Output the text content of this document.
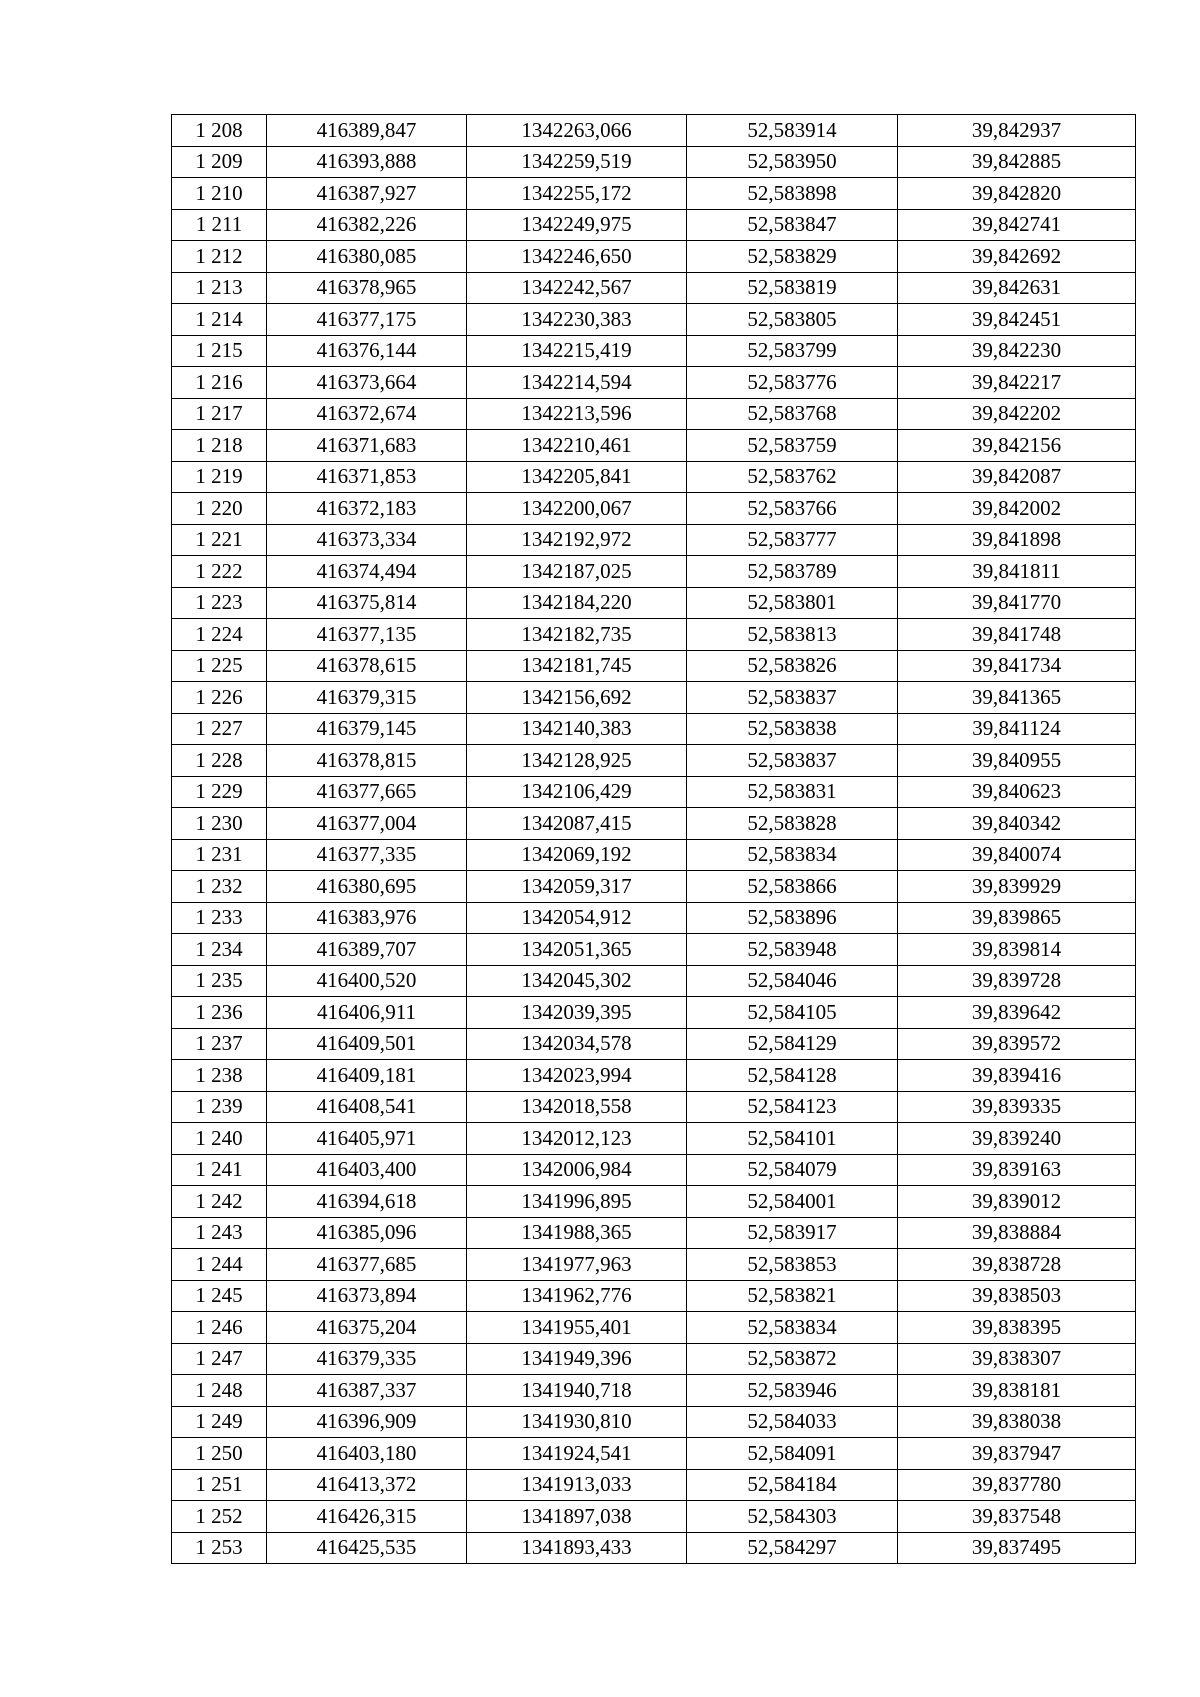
1 208	416389,847	1342263,066	52,583914	39,842937
1 209	416393,888	1342259,519	52,583950	39,842885
1 210	416387,927	1342255,172	52,583898	39,842820
1 211	416382,226	1342249,975	52,583847	39,842741
1 212	416380,085	1342246,650	52,583829	39,842692
1 213	416378,965	1342242,567	52,583819	39,842631
1 214	416377,175	1342230,383	52,583805	39,842451
1 215	416376,144	1342215,419	52,583799	39,842230
1 216	416373,664	1342214,594	52,583776	39,842217
1 217	416372,674	1342213,596	52,583768	39,842202
1 218	416371,683	1342210,461	52,583759	39,842156
1 219	416371,853	1342205,841	52,583762	39,842087
1 220	416372,183	1342200,067	52,583766	39,842002
1 221	416373,334	1342192,972	52,583777	39,841898
1 222	416374,494	1342187,025	52,583789	39,841811
1 223	416375,814	1342184,220	52,583801	39,841770
1 224	416377,135	1342182,735	52,583813	39,841748
1 225	416378,615	1342181,745	52,583826	39,841734
1 226	416379,315	1342156,692	52,583837	39,841365
1 227	416379,145	1342140,383	52,583838	39,841124
1 228	416378,815	1342128,925	52,583837	39,840955
1 229	416377,665	1342106,429	52,583831	39,840623
1 230	416377,004	1342087,415	52,583828	39,840342
1 231	416377,335	1342069,192	52,583834	39,840074
1 232	416380,695	1342059,317	52,583866	39,839929
1 233	416383,976	1342054,912	52,583896	39,839865
1 234	416389,707	1342051,365	52,583948	39,839814
1 235	416400,520	1342045,302	52,584046	39,839728
1 236	416406,911	1342039,395	52,584105	39,839642
1 237	416409,501	1342034,578	52,584129	39,839572
1 238	416409,181	1342023,994	52,584128	39,839416
1 239	416408,541	1342018,558	52,584123	39,839335
1 240	416405,971	1342012,123	52,584101	39,839240
1 241	416403,400	1342006,984	52,584079	39,839163
1 242	416394,618	1341996,895	52,584001	39,839012
1 243	416385,096	1341988,365	52,583917	39,838884
1 244	416377,685	1341977,963	52,583853	39,838728
1 245	416373,894	1341962,776	52,583821	39,838503
1 246	416375,204	1341955,401	52,583834	39,838395
1 247	416379,335	1341949,396	52,583872	39,838307
1 248	416387,337	1341940,718	52,583946	39,838181
1 249	416396,909	1341930,810	52,584033	39,838038
1 250	416403,180	1341924,541	52,584091	39,837947
1 251	416413,372	1341913,033	52,584184	39,837780
1 252	416426,315	1341897,038	52,584303	39,837548
1 253	416425,535	1341893,433	52,584297	39,837495
